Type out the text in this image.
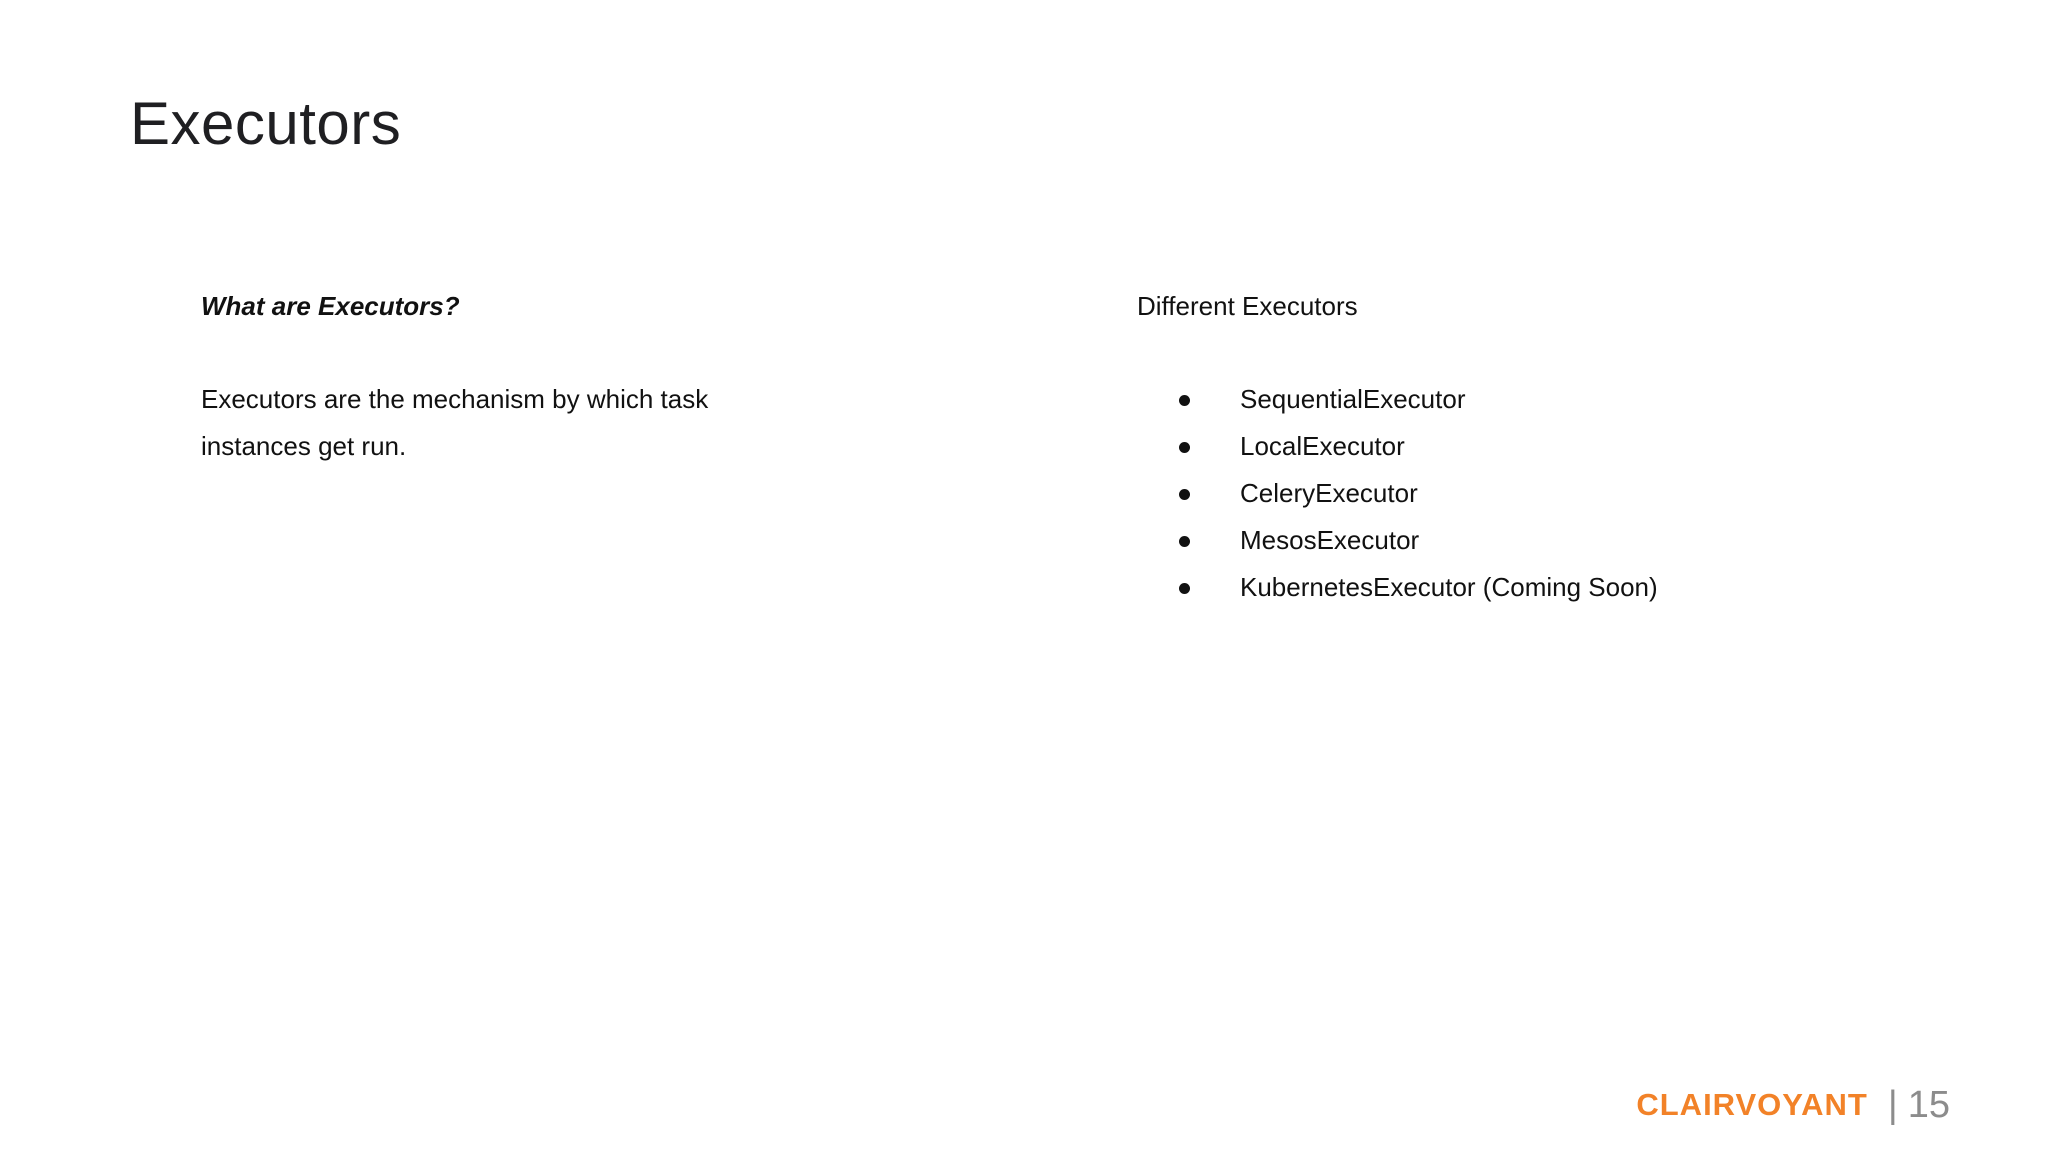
Executors

What are Executors?

Executors are the mechanism by which task instances get run.

Different Executors

SequentialExecutor
LocalExecutor
CeleryExecutor
MesosExecutor
KubernetesExecutor (Coming Soon)
CLAIRVOYANT | 15
